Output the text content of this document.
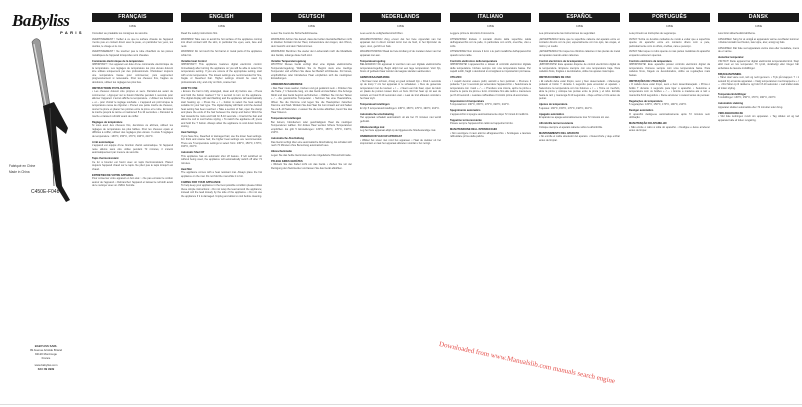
BaByliss
PARIS
Fabriqué en Chine
Made in China
C450E-F04b
BABYLISS SARL
99 Avenue Aristide Briand
92120 Montrouge
France
www.babyliss.com
FAC 89 9939
FRANÇAIS
C450E

Consultez au préalable les consignes de sécurité.

AVERTISSEMENT ! Veillez à ce que la surface chaude de l'appareil n'entre pas en contact direct avec la peau, en particulier les yeux, les oreilles, le visage et le cou.

AVERTISSEMENT ! Ne touchez pas le tube chauffant ou les pièces métalliques de l'appareil lorsqu'elles sont chaudes.

Commande électronique de la température

IMPORTANT ! Cet appareil est doté d'une commande électronique de la température. Les réglages de température les plus élevés doivent être utilisés uniquement par des professionnels. Choisissez toujours une température basse pour commencer, puis augmentez progressivement si nécessaire. Pour les cheveux fins, fragiles ou décolorés, utilisez les réglages les plus bas.

INSTRUCTIONS D'UTILISATION

• Les cheveux doivent être propres et secs. Démêlez-les avant de commencer. • Appuyez sur le bouton Marche pendant 1 seconde pour allumer l'appareil. L'écran affiche la température. • Utilisez les boutons + et – pour choisir le réglage souhaité. • L'appareil est prêt lorsque la température cesse de clignoter. • Prenez une petite mèche de cheveux, ouvrez la pince et placez les pointes entre la pince et le tube. Enroulez la mèche jusqu'à la racine et maintenez 8 à 10 secondes. • Déroulez la mèche et laissez refroidir avant de coiffer.

Réglages de température

Si vous avez des cheveux fins, décolorés ou abîmés, utilisez les réglages de température les plus faibles. Pour les cheveux épais et difficiles à coiffer, utilisez des réglages plus élevés. Il existe 5 réglages de température : 130°C, 150°C, 170°C, 190°C, 210°C.

Arrêt automatique

L'appareil est équipé d'une fonction d'arrêt automatique. Si l'appareil reste allumé sans être utilisé pendant 72 minutes, il s'éteint automatiquement par mesure de sécurité.

Tapis thermorésistant

Ce fer à boucler est fourni avec un tapis thermorésistant. Placez toujours l'appareil chaud sur le tapis. Ne pliez pas le tapis lorsqu'il est chaud.

ENTRETIEN DE VOTRE APPAREIL

Pour conserver votre appareil en bon état : • Ne pas enrouler le cordon autour de l'appareil. • Débranchez l'appareil et laissez-le refroidir avant de le nettoyer avec un chiffon humide.

ENGLISH
C450E

Read the safety instructions first.

WARNING! Take care to avoid the hot surface of the appliance coming into direct contact with the skin, in particular the eyes, ears, face and neck.

WARNING! Do not touch the hot barrel or metal parts of the appliance while hot.

Variable Heat Control

IMPORTANT! This appliance features digital electronic control. Immediately after turning the appliance on you will be able to select the temperature setting. If you are unsure of the appropriate setting, start with a low temperature. The lowest settings are recommended for fine, fragile or bleached hair. Higher settings should be used by professionals only, and only on thick, coarse hair.

HOW TO USE

• Ensure the hair is fully untangled, clean and dry before use. • Press and hold the button marked 'I' for 1 second to turn on the appliance. The digital display will start flashing and the appliance will automatically start heating up. • Press the + / – button to select the heat setting suitable for your hair type. The digital display will flash until the desired heat setting has been reached. • Take a section of hair, open the clamp and place the ends of the hair between the clamp and barrel. Wind the hair towards the roots and hold for 8-10 seconds. • Unwind the hair and allow the curl to cool before styling. • To switch the appliance off, press and hold the 'I' button. Always allow the appliance to cool down before storing.

Heat Settings

If you have fine, bleached or damaged hair, use the lower heat settings. For thick and coarse hair, the higher heat settings are recommended. There are 5 temperature settings to select from: 130°C, 150°C, 170°C, 190°C, 210°C.

Automatic Shut Off

This appliance has an automatic shut off feature. If left switched on without being used, the appliance will automatically switch off after 72 minutes.

Heat Mat

The appliance comes with a heat resistant mat. Always place the hot appliance on the mat. Do not fold the mat while it is hot.

CARING FOR YOUR APPLIANCE

To help keep your appliance in the best possible condition please follow these simple instructions: • Do not wrap the lead around the appliance; instead coil the lead loosely by the side of the appliance. • Do not use the appliance if it is damaged. Unplug and allow to cool before cleaning.

DEUTSCH
C450E

Lesen Sie zuerst die Sicherheitshinweise.

WARNUNG! Achten Sie darauf, dass die heißen Gerätoberflächen nicht in direkten Kontakt mit der Haut, insbesondere den Augen, den Ohren, dem Gesicht und dem Hals kommen.

WARNUNG! Berühren Sie weder den Lockenstab noch die Metallteile des Geräts, solange diese heiß sind.

Variable Temperaturregelung

WICHTIG! Dieses Gerät verfügt über eine digitale elektronische Temperaturregelung. Wählen Sie zu Beginn stets eine niedrige Temperatur und erhöhen Sie diese bei Bedarf schrittweise. Für feines, empfindliches oder blondiertes Haar empfehlen sich die niedrigsten Einstellungen.

ANWENDUNGSHINWEISE

• Das Haar muss sauber, trocken und gut gekämmt sein. • Drücken Sie die Taste „I“ 1 Sekunde lang, um das Gerät einzuschalten. Die Anzeige blinkt und das Gerät beginnt aufzuheizen. • Wählen Sie mit den Tasten + / – die gewünschte Temperatur. • Nehmen Sie eine Haarsträhne, öffnen Sie die Klemme und legen Sie die Haarspitzen zwischen Klemme und Stab. Wickeln Sie das Haar bis zum Ansatz auf und halten Sie es 8–10 Sekunden. • Lassen Sie die Locke abkühlen, bevor Sie das Haar frisieren.

Temperatureinstellungen

Bei feinem, blondiertem oder geschädigtem Haar die niedrigen Temperaturen wählen. Für dickes Haar werden höhere Temperaturen empfohlen. Es gibt 5 Einstellungen: 130°C, 150°C, 170°C, 190°C, 210°C.

Automatische Abschaltung

Das Gerät verfügt über eine automatische Abschaltung. Es schaltet sich nach 72 Minuten ohne Benutzung automatisch aus.

Hitzeschutzmatte

Legen Sie das heiße Gerät stets auf die mitgelieferte Hitzeschutzmatte.

PFLEGE IHRES GERÄTES

• Wickeln Sie das Kabel nicht um das Gerät. • Ziehen Sie vor der Reinigung den Netzstecker und lassen Sie das Gerät abkühlen.

NEDERLANDS
C450E

Lees eerst de veiligheidsvoorschriften.

WAARSCHUWING! Zorg ervoor dat het hete oppervlak van het apparaat niet in direct contact komt met de huid, in het bijzonder de ogen, oren, gezicht en hals.

WAARSCHUWING! Raak de hete krultang of de metalen delen van het apparaat niet aan.

Temperatuurregeling

BELANGRIJK! Dit apparaat is voorzien van een digitale elektronische temperatuurregeling. Begin altijd met een lage temperatuur. Voor fijn, broos of gebleekt haar worden de laagste standen aanbevolen.

GEBRUIKSAANWIJZING

• Het haar moet schoon, droog en goed ontward zijn. • Druk 1 seconde op de knop 'I' om het apparaat in te schakelen. • Kies de gewenste temperatuur met de toetsen + / –. • Neem een lok haar, open de klem en plaats de punten tussen klem en buis. Rol het haar op tot aan de wortels en houd 8-10 seconden vast. • Laat de krul afkoelen voordat u het haar stylt.

Temperatuurinstellingen

Er zijn 5 temperatuurinstellingen: 130°C, 150°C, 170°C, 190°C, 210°C.

Automatische uitschakeling

Het apparaat schakelt automatisch uit als het 72 minuten niet wordt gebruikt.

Hittebestendige mat

Leg het hete apparaat altijd op de bijgeleverde hittebestendige mat.

ONDERHOUD VAN UW APPARAAT

• Wikkel het snoer niet rond het apparaat. • Haal de stekker uit het stopcontact en laat het apparaat afkoelen voordat u het reinigt.

ITALIANO
C450E

Leggere prima le istruzioni di sicurezza.

ATTENZIONE! Evitare il contatto diretto della superficie calda dell'apparecchio con la pelle, in particolare con occhi, orecchie, viso e collo.

ATTENZIONE! Non toccare il ferro o le parti metalliche dell'apparecchio quando sono calde.

Controllo elettronico della temperatura

IMPORTANTE! L'apparecchio è dotato di controllo elettronico digitale della temperatura. Iniziare sempre con una temperatura bassa. Per capelli sottili, fragili o decolorati si consigliano le impostazioni più basse.

UTILIZZO

• I capelli devono essere puliti, asciutti e ben pettinati. • Premere il pulsante 'I' per 1 secondo per accendere l'apparecchio. • Selezionare la temperatura con i tasti + / –. • Prendere una ciocca, aprire la pinza e inserire le punte tra pinza e ferro. Arrotolare fino alle radici e mantenere per 8-10 secondi. • Lasciare raffreddare il ricciolo prima di acconciare.

Impostazioni di temperatura

5 impostazioni: 130°C, 150°C, 170°C, 190°C, 210°C.

Spegnimento automatico

L'apparecchio si spegne automaticamente dopo 72 minuti di inutilizzo.

Tappetino termoresistente

Posare sempre l'apparecchio caldo sul tappetino fornito.

MANUTENZIONE DELL'APPARECCHIO

• Non avvolgere il cavo attorno all'apparecchio. • Scollegare e lasciare raffreddare prima della pulizia.

ESPAÑOL
C450E

Lea primeramente las instrucciones de seguridad.

¡ADVERTENCIA! Evite que la superficie caliente del aparato entre en contacto directo con la piel, especialmente con los ojos, las orejas, el rostro y el cuello.

¡ADVERTENCIA! No toque los cilindros calientes ni las piezas de metal del aparato cuando están calientes.

Control electrónico de la temperatura

¡IMPORTANTE! Este aparato dispone de control electrónico digital de la temperatura. Empiece siempre con una temperatura baja. Para cabellos finos, frágiles o decolorados, utilice los ajustes más bajos.

INSTRUCCIONES DE USO

• El cabello debe estar limpio, seco y bien desenredado. • Mantenga pulsado el botón 'I' durante 1 segundo para encender el aparato. • Seleccione la temperatura con los botones + / –. • Tome un mechón, abra la pinza y coloque las puntas entre la pinza y el tubo. Enrolle hasta la raíz y mantenga 8-10 segundos. • Deje enfriar el rizo antes de peinar.

Ajustes de temperatura

5 ajustes: 130°C, 150°C, 170°C, 190°C, 210°C.

Apagado automático

El aparato se apaga automáticamente tras 72 minutos sin uso.

Alfombrilla termorresistente

Coloque siempre el aparato caliente sobre la alfombrilla.

MANTENIMIENTO DEL APARATO

• No enrolle el cable alrededor del aparato. • Desenchufe y deje enfriar antes de limpiar.

PORTUGUÊS
C450E

Leia primeiro as instruções de segurança.

AVISO! Tenha os devidos cuidados de modo a evitar que a superfície quente do aparelho entre em contacto direto com a pele, particularmente com os olhos, orelhas, cara e pescoço.

AVISO! Não toque no tubo quente ou nas partes metálicas do aparelho enquanto estiverem quentes.

Controlo eletrónico da temperatura

IMPORTANTE! Este aparelho possui controlo eletrónico digital da temperatura. Comece sempre com uma temperatura baixa. Para cabelos finos, frágeis ou descolorados, utilize as regulações mais baixas.

INSTRUÇÕES DE UTILIZAÇÃO

• O cabelo deve estar limpo, seco e bem desembaraçado. • Prima o botão 'I' durante 1 segundo para ligar o aparelho. • Selecione a temperatura com os botões + / –. • Enrole a madeixa até à raiz e mantenha 8-10 segundos. • Deixe arrefecer o caracol antes de pentear.

Regulações de temperatura

5 regulações: 130°C, 150°C, 170°C, 190°C, 210°C.

Desligar automático

O aparelho desliga-se automaticamente após 72 minutos sem utilização.

MANUTENÇÃO DO APARELHO

• Não enrole o cabo à volta do aparelho. • Desligue e deixe arrefecer antes de limpar.

DANSK
C450E

Læs først sikkerhedsforskrifterne.

ADVARSEL! Sørg for at undgå at apparatets varme overflader kommer i direkte kontakt med huden, især øjne, ører, ansigt og hals.

ADVARSEL! Rør ikke ved apparatets varme stav eller metaldele, mens de er varme.

Justerbar temperatur

VIGTIGT! Dette apparat har digital elektronisk temperaturkontrol. Start altid med en lav temperatur. Til tyndt, skrøbeligt eller bleget hår anbefales de laveste indstillinger.

BRUGSANVISNING

• Håret skal være rent, tørt og redt igennem. • Tryk på knappen 'I' i 1 sekund for at tænde apparatet. • Vælg temperaturen med knapperne + / –. • Rul håret op til rødderne og hold i 8-10 sekunder. • Lad krøllen køle af inden styling.

Temperaturindstillinger

5 indstillinger: 130°C, 150°C, 170°C, 190°C, 210°C.

Automatisk slukning

Apparatet slukker automatisk efter 72 minutter uden brug.

VEDLIGEHOLDELSE

• Vikl ikke ledningen rundt om apparatet. • Tag stikket ud og lad apparatet køle af inden rengøring.

Downloaded from www.Manualslib.com manuals search engine
